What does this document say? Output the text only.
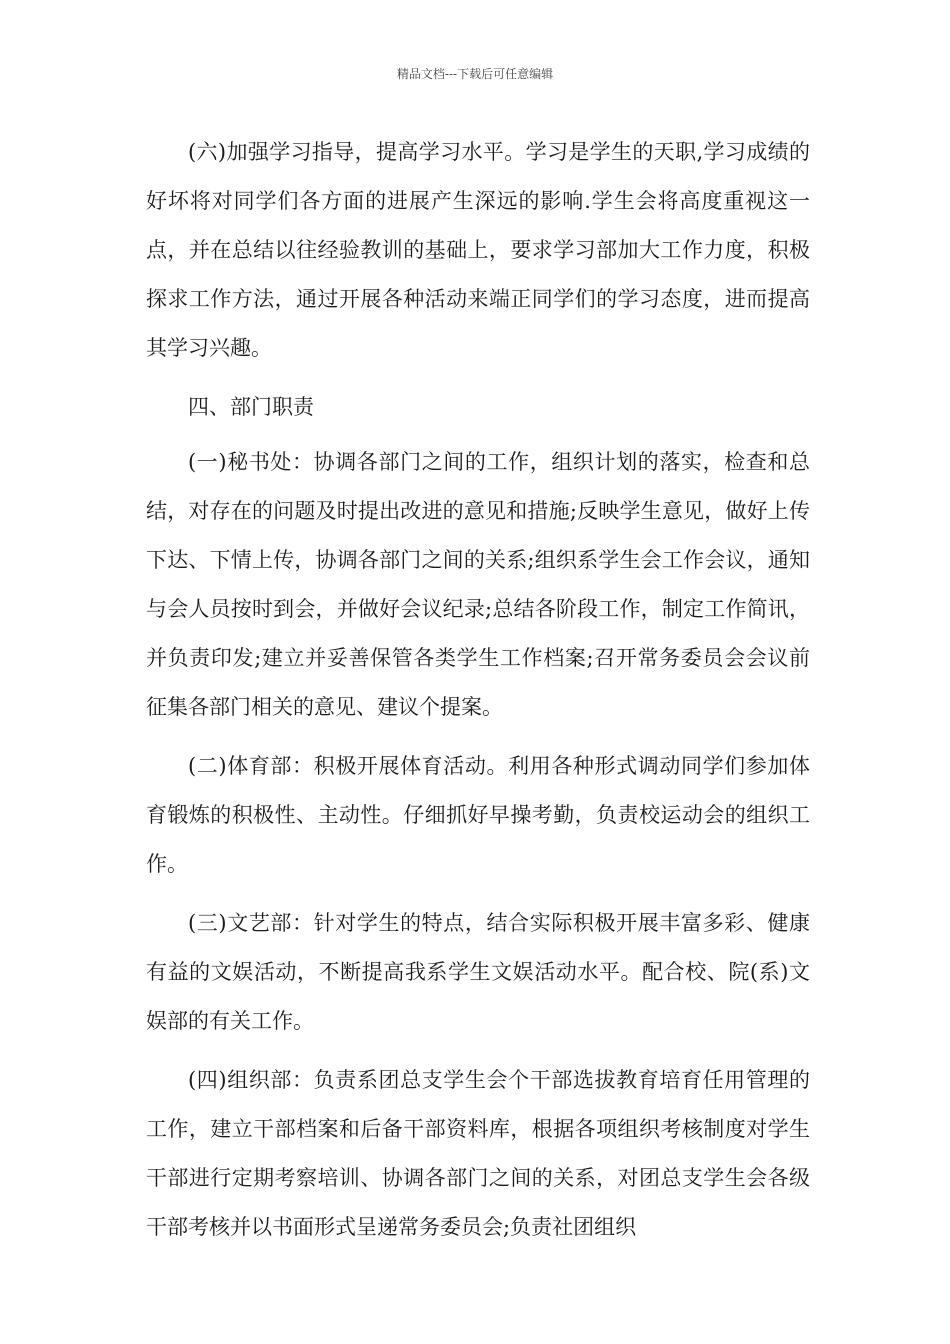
精品文档---下载后可任意编辑

(六)加强学习指导，提高学习水平。学习是学生的天职,学习成绩的好坏将对同学们各方面的进展产生深远的影响.学生会将高度重视这一点，并在总结以往经验教训的基础上，要求学习部加大工作力度，积极探求工作方法，通过开展各种活动来端正同学们的学习态度，进而提高其学习兴趣。

四、部门职责

(一)秘书处：协调各部门之间的工作，组织计划的落实，检查和总结，对存在的问题及时提出改进的意见和措施;反映学生意见，做好上传下达、下情上传，协调各部门之间的关系;组织系学生会工作会议，通知与会人员按时到会，并做好会议纪录;总结各阶段工作，制定工作简讯，并负责印发;建立并妥善保管各类学生工作档案;召开常务委员会会议前征集各部门相关的意见、建议个提案。

(二)体育部：积极开展体育活动。利用各种形式调动同学们参加体育锻炼的积极性、主动性。仔细抓好早操考勤，负责校运动会的组织工作。

(三)文艺部：针对学生的特点，结合实际积极开展丰富多彩、健康有益的文娱活动，不断提高我系学生文娱活动水平。配合校、院(系)文娱部的有关工作。

(四)组织部：负责系团总支学生会个干部选拔教育培育任用管理的工作，建立干部档案和后备干部资料库，根据各项组织考核制度对学生干部进行定期考察培训、协调各部门之间的关系，对团总支学生会各级干部考核并以书面形式呈递常务委员会;负责社团组织
